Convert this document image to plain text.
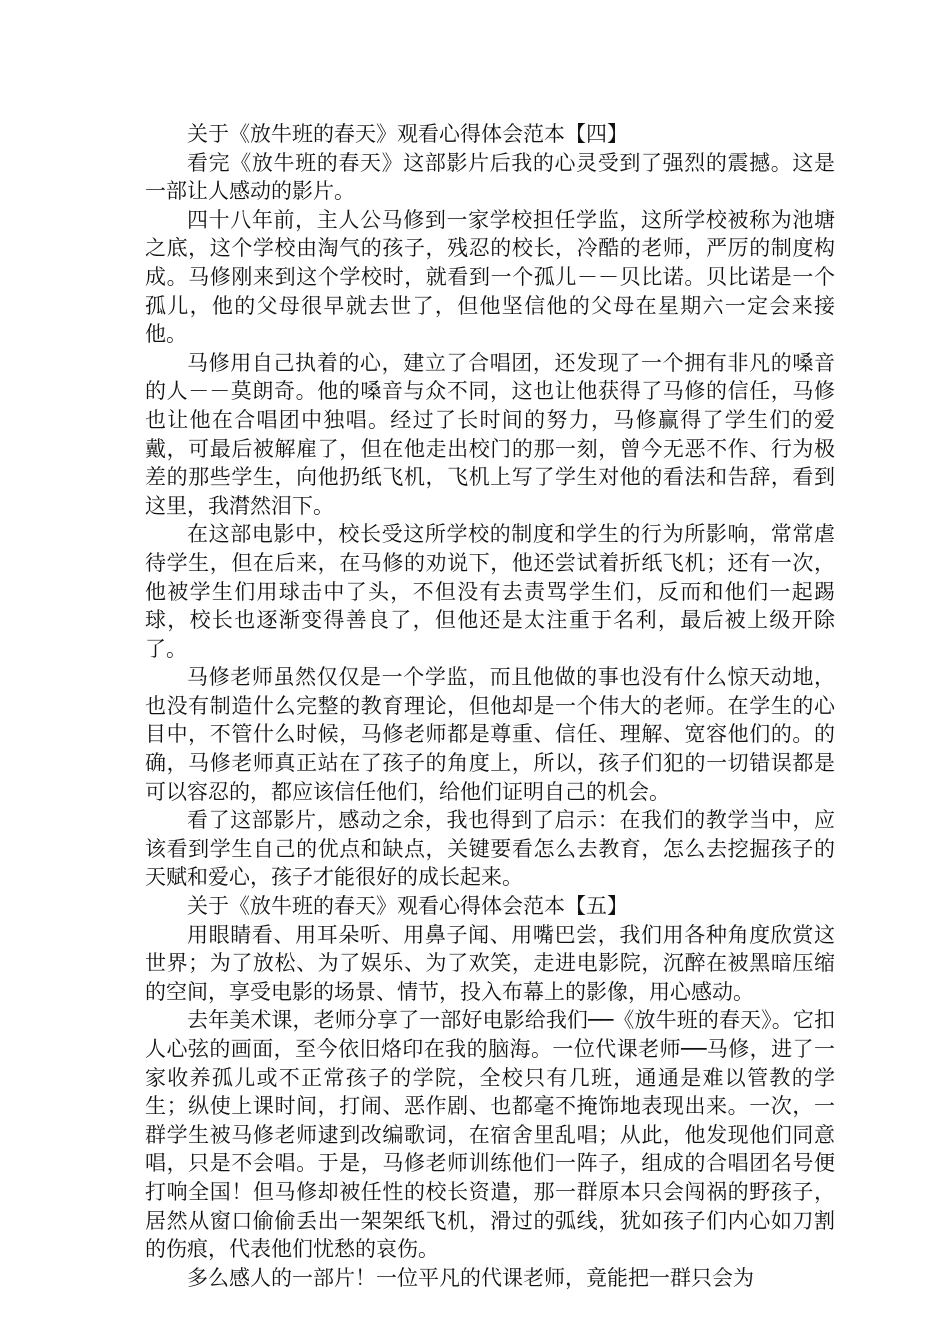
关于《放牛班的春天》观看心得体会范本【四】

看完《放牛班的春天》这部影片后我的心灵受到了强烈的震撼。这是一部让人感动的影片。

四十八年前，主人公马修到一家学校担任学监，这所学校被称为池塘之底，这个学校由淘气的孩子，残忍的校长，冷酷的老师，严厉的制度构成。马修刚来到这个学校时，就看到一个孤儿－－贝比诺。贝比诺是一个孤儿，他的父母很早就去世了，但他坚信他的父母在星期六一定会来接他。

马修用自己执着的心，建立了合唱团，还发现了一个拥有非凡的嗓音的人－－莫朗奇。他的嗓音与众不同，这也让他获得了马修的信任，马修也让他在合唱团中独唱。经过了长时间的努力，马修赢得了学生们的爱戴，可最后被解雇了，但在他走出校门的那一刻，曾今无恶不作、行为极差的那些学生，向他扔纸飞机，飞机上写了学生对他的看法和告辞，看到这里，我潸然泪下。

在这部电影中，校长受这所学校的制度和学生的行为所影响，常常虐待学生，但在后来，在马修的劝说下，他还尝试着折纸飞机；还有一次，他被学生们用球击中了头，不但没有去责骂学生们，反而和他们一起踢球，校长也逐渐变得善良了，但他还是太注重于名利，最后被上级开除了。

马修老师虽然仅仅是一个学监，而且他做的事也没有什么惊天动地，也没有制造什么完整的教育理论，但他却是一个伟大的老师。在学生的心目中，不管什么时候，马修老师都是尊重、信任、理解、宽容他们的。的确，马修老师真正站在了孩子的角度上，所以，孩子们犯的一切错误都是可以容忍的，都应该信任他们，给他们证明自己的机会。

看了这部影片，感动之余，我也得到了启示：在我们的教学当中，应该看到学生自己的优点和缺点，关键要看怎么去教育，怎么去挖掘孩子的天赋和爱心，孩子才能很好的成长起来。

关于《放牛班的春天》观看心得体会范本【五】

用眼睛看、用耳朵听、用鼻子闻、用嘴巴尝，我们用各种角度欣赏这世界；为了放松、为了娱乐、为了欢笑，走进电影院，沉醉在被黑暗压缩的空间，享受电影的场景、情节，投入布幕上的影像，用心感动。

去年美术课，老师分享了一部好电影给我们──《放牛班的春天》。它扣人心弦的画面，至今依旧烙印在我的脑海。一位代课老师──马修，进了一家收养孤儿或不正常孩子的学院，全校只有几班，通通是难以管教的学生；纵使上课时间，打闹、恶作剧、也都毫不掩饰地表现出来。一次，一群学生被马修老师逮到改编歌词，在宿舍里乱唱；从此，他发现他们同意唱，只是不会唱。于是，马修老师训练他们一阵子，组成的合唱团名号便打响全国！但马修却被任性的校长资遣，那一群原本只会闯祸的野孩子，居然从窗口偷偷丢出一架架纸飞机，滑过的弧线，犹如孩子们内心如刀割的伤痕，代表他们忧愁的哀伤。

多么感人的一部片！一位平凡的代课老师，竟能把一群只会为
